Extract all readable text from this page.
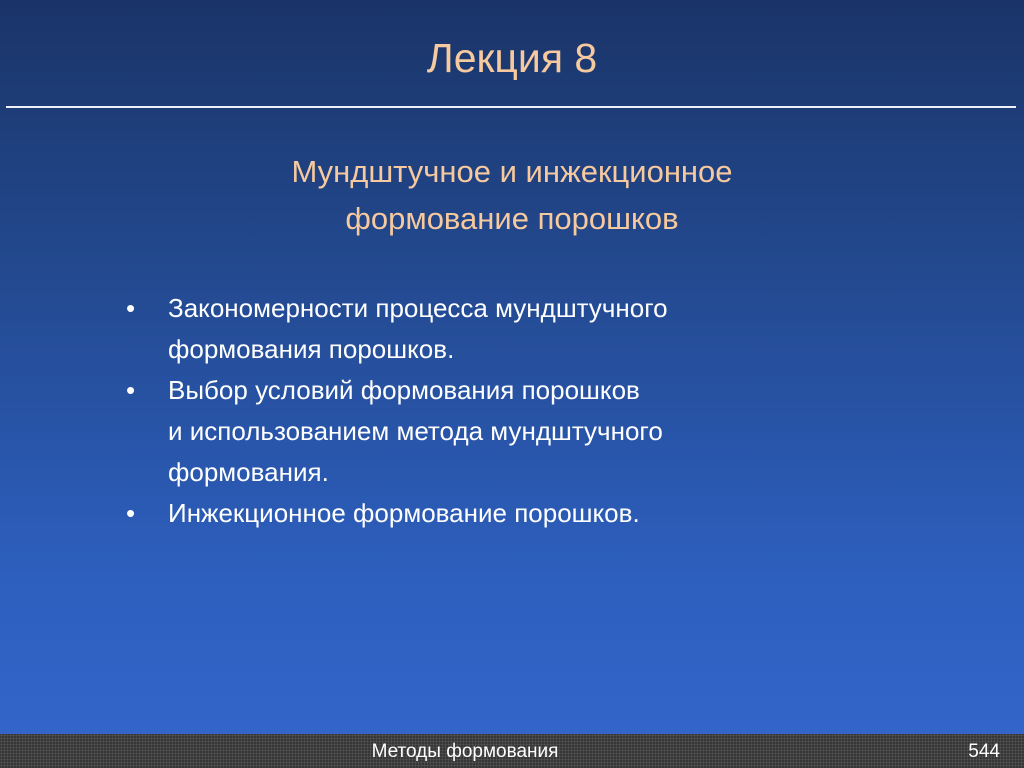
Лекция 8
Мундштучное и инжекционное
формование порошков
• Закономерности процесса мундштучного
формования порошков.
• Выбор условий формования порошков
и использованием метода мундштучного
формования.
• Инжекционное формование порошков.
Методы формования	544
